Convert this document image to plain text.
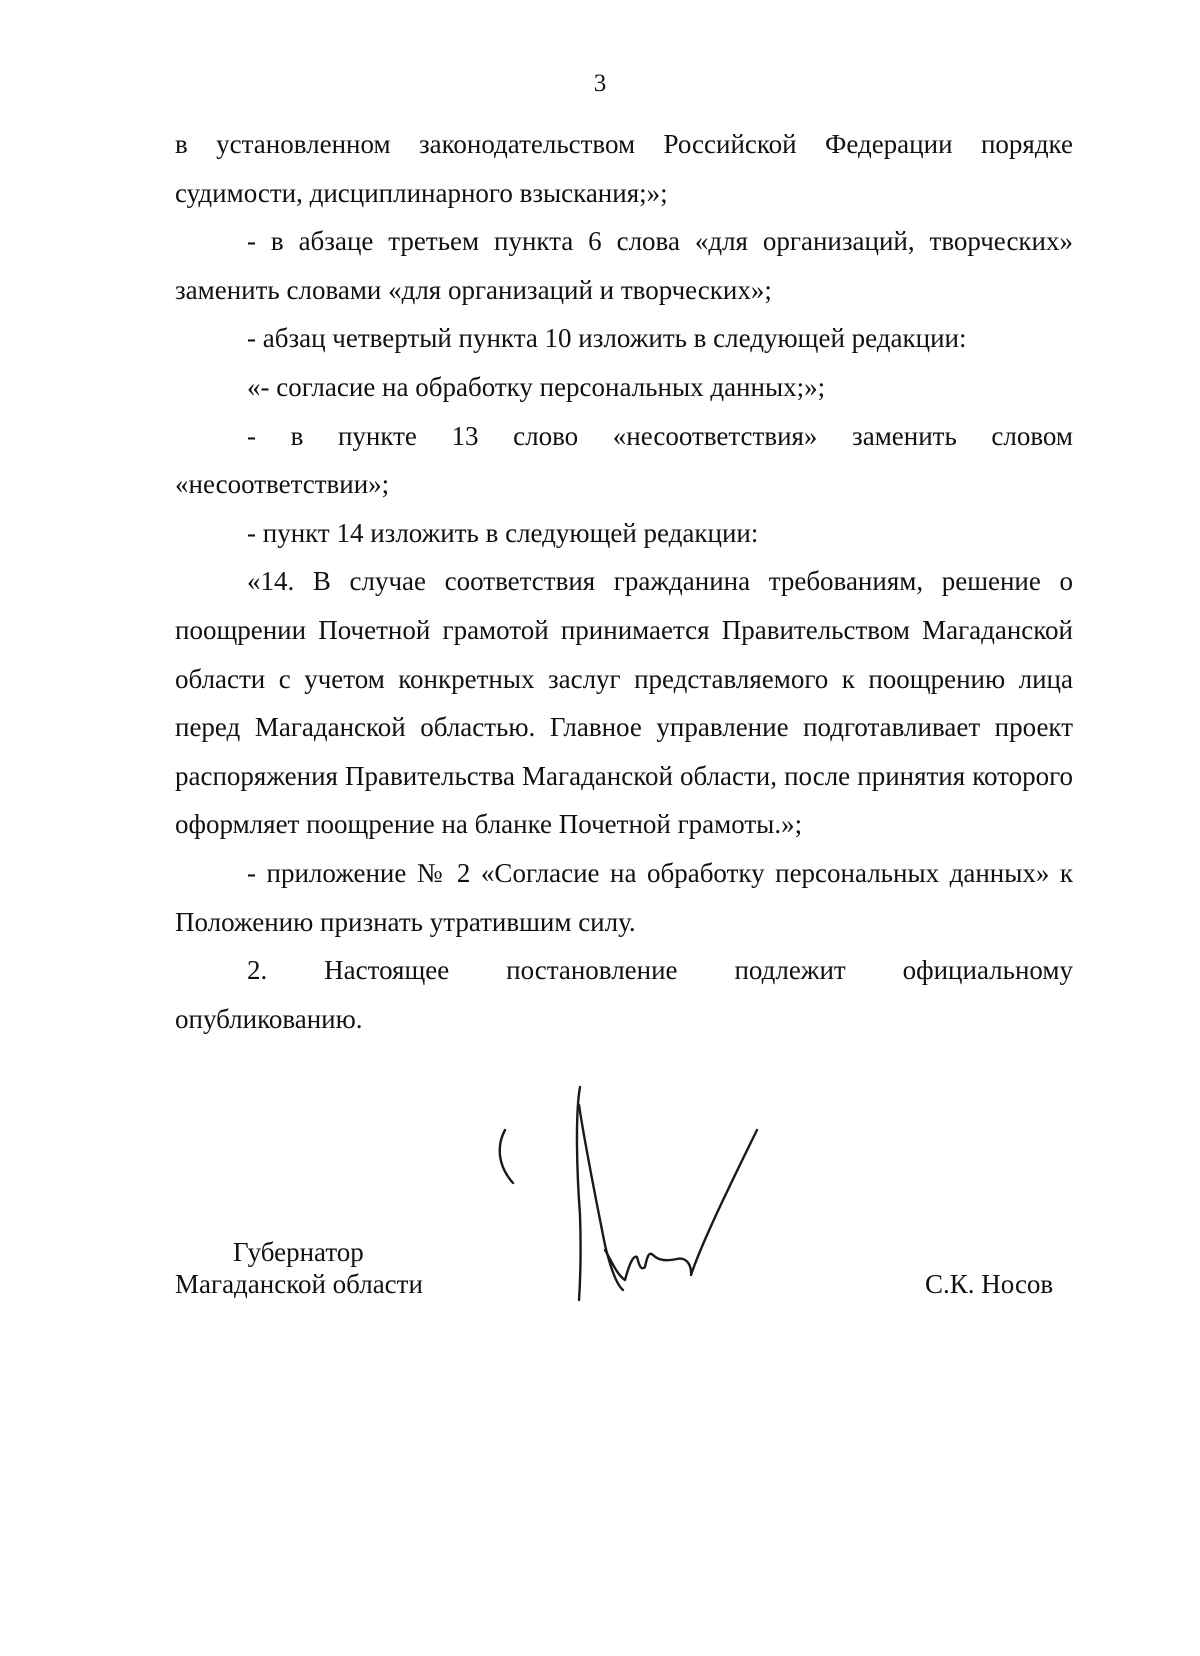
3

в установленном законодательством Российской Федерации порядке судимости, дисциплинарного взыскания;»;

- в абзаце третьем пункта 6 слова «для организаций, творческих» заменить словами «для организаций и творческих»;

- абзац четвертый пункта 10 изложить в следующей редакции:

«- согласие на обработку персональных данных;»;

- в пункте 13 слово «несоответствия» заменить словом

«несоответствии»;

- пункт 14 изложить в следующей редакции:

«14. В случае соответствия гражданина требованиям, решение о поощрении Почетной грамотой принимается Правительством Магаданской области с учетом конкретных заслуг представляемого к поощрению лица перед Магаданской областью. Главное управление подготавливает проект распоряжения Правительства Магаданской области, после принятия которого оформляет поощрение на бланке Почетной грамоты.»;

- приложение № 2 «Согласие на обработку персональных данных» к Положению признать утратившим силу.

2. Настоящее постановление подлежит официальному

опубликованию.

Губернатор
Магаданской области	С.К. Носов
